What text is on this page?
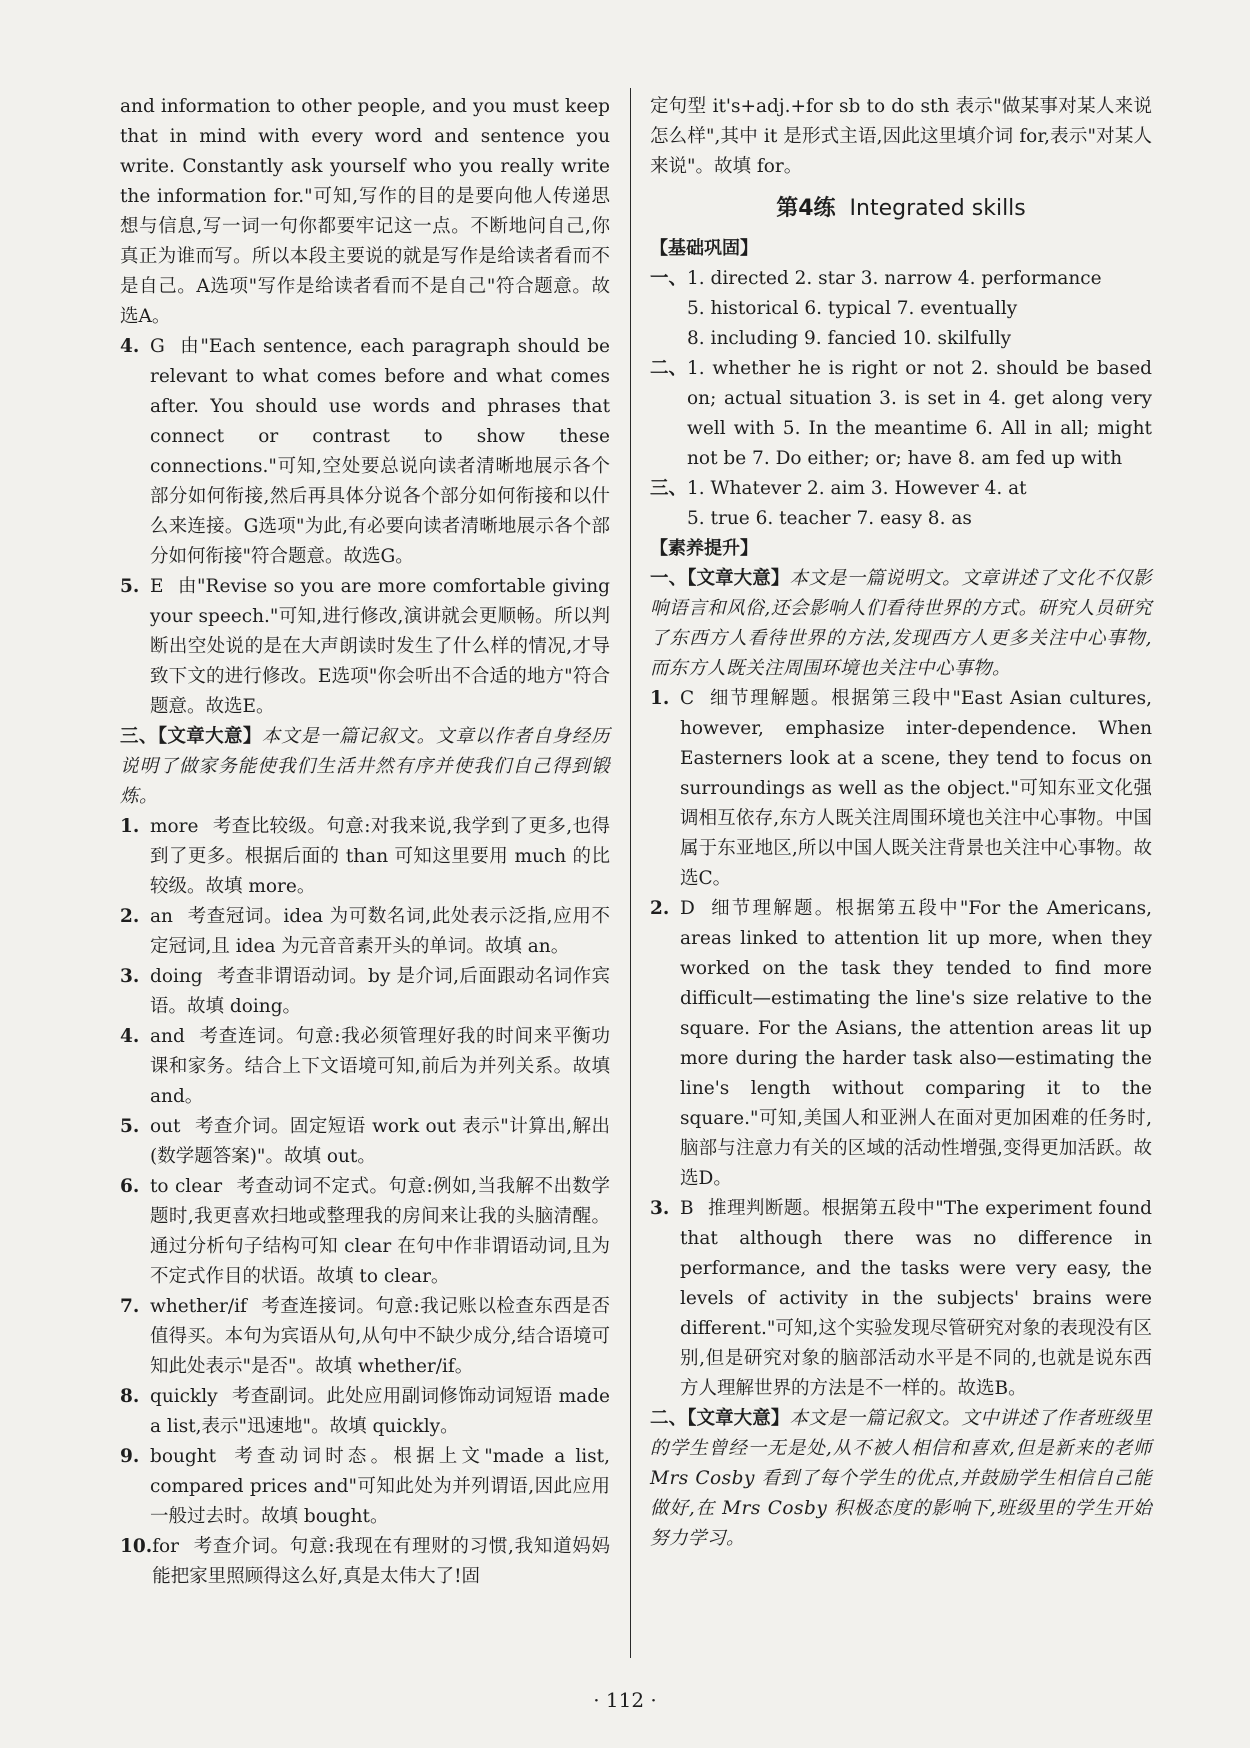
and information to other people, and you must keep that in mind with every word and sentence you write. Constantly ask yourself who you really write the information for."可知,写作的目的是要向他人传递思想与信息,写一词一句你都要牢记这一点。不断地问自己,你真正为谁而写。所以本段主要说的就是写作是给读者看而不是自己。A选项"写作是给读者看而不是自己"符合题意。故选A。

4. G 由"Each sentence, each paragraph should be relevant to what comes before and what comes after. You should use words and phrases that connect or contrast to show these connections."可知,空处要总说向读者清晰地展示各个部分如何衔接,然后再具体分说各个部分如何衔接和以什么来连接。G选项"为此,有必要向读者清晰地展示各个部分如何衔接"符合题意。故选G。
5. E 由"Revise so you are more comfortable giving your speech."可知,进行修改,演讲就会更顺畅。所以判断出空处说的是在大声朗读时发生了什么样的情况,才导致下文的进行修改。E选项"你会听出不合适的地方"符合题意。故选E。

三、【文章大意】本文是一篇记叙文。文章以作者自身经历说明了做家务能使我们生活井然有序并使我们自己得到锻炼。

1. more 考查比较级。句意:对我来说,我学到了更多,也得到了更多。根据后面的 than 可知这里要用 much 的比较级。故填 more。
2. an 考查冠词。idea 为可数名词,此处表示泛指,应用不定冠词,且 idea 为元音音素开头的单词。故填 an。
3. doing 考查非谓语动词。by 是介词,后面跟动名词作宾语。故填 doing。
4. and 考查连词。句意:我必须管理好我的时间来平衡功课和家务。结合上下文语境可知,前后为并列关系。故填 and。
5. out 考查介词。固定短语 work out 表示"计算出,解出(数学题答案)"。故填 out。
6. to clear 考查动词不定式。句意:例如,当我解不出数学题时,我更喜欢扫地或整理我的房间来让我的头脑清醒。通过分析句子结构可知 clear 在句中作非谓语动词,且为不定式作目的状语。故填 to clear。
7. whether/if 考查连接词。句意:我记账以检查东西是否值得买。本句为宾语从句,从句中不缺少成分,结合语境可知此处表示"是否"。故填 whether/if。
8. quickly 考查副词。此处应用副词修饰动词短语 made a list,表示"迅速地"。故填 quickly。
9. bought 考查动词时态。根据上文"made a list, compared prices and"可知此处为并列谓语,因此应用一般过去时。故填 bought。
10. for 考查介词。句意:我现在有理财的习惯,我知道妈妈能把家里照顾得这么好,真是太伟大了!固

定句型 it's+adj.+for sb to do sth 表示"做某事对某人来说怎么样",其中 it 是形式主语,因此这里填介词 for,表示"对某人来说"。故填 for。

第4练 Integrated skills
【基础巩固】
一、 1. directed 2. star 3. narrow 4. performance
5. historical 6. typical 7. eventually
8. including 9. fancied 10. skilfully
二、 1. whether he is right or not 2. should be based on; actual situation 3. is set in 4. get along very well with 5. In the meantime 6. All in all; might not be 7. Do either; or; have 8. am fed up with
三、 1. Whatever 2. aim 3. However 4. at
5. true 6. teacher 7. easy 8. as
【素养提升】

一、【文章大意】本文是一篇说明文。文章讲述了文化不仅影响语言和风俗,还会影响人们看待世界的方式。研究人员研究了东西方人看待世界的方法,发现西方人更多关注中心事物,而东方人既关注周围环境也关注中心事物。

1. C 细节理解题。根据第三段中"East Asian cultures, however, emphasize inter-dependence. When Easterners look at a scene, they tend to focus on surroundings as well as the object."可知东亚文化强调相互依存,东方人既关注周围环境也关注中心事物。中国属于东亚地区,所以中国人既关注背景也关注中心事物。故选C。
2. D 细节理解题。根据第五段中"For the Americans, areas linked to attention lit up more, when they worked on the task they tended to find more difficult—estimating the line's size relative to the square. For the Asians, the attention areas lit up more during the harder task also—estimating the line's length without comparing it to the square."可知,美国人和亚洲人在面对更加困难的任务时,脑部与注意力有关的区域的活动性增强,变得更加活跃。故选D。
3. B 推理判断题。根据第五段中"The experiment found that although there was no difference in performance, and the tasks were very easy, the levels of activity in the subjects' brains were different."可知,这个实验发现尽管研究对象的表现没有区别,但是研究对象的脑部活动水平是不同的,也就是说东西方人理解世界的方法是不一样的。故选B。

二、【文章大意】本文是一篇记叙文。文中讲述了作者班级里的学生曾经一无是处,从不被人相信和喜欢,但是新来的老师 Mrs Cosby 看到了每个学生的优点,并鼓励学生相信自己能做好,在 Mrs Cosby 积极态度的影响下,班级里的学生开始努力学习。

· 112 ·
